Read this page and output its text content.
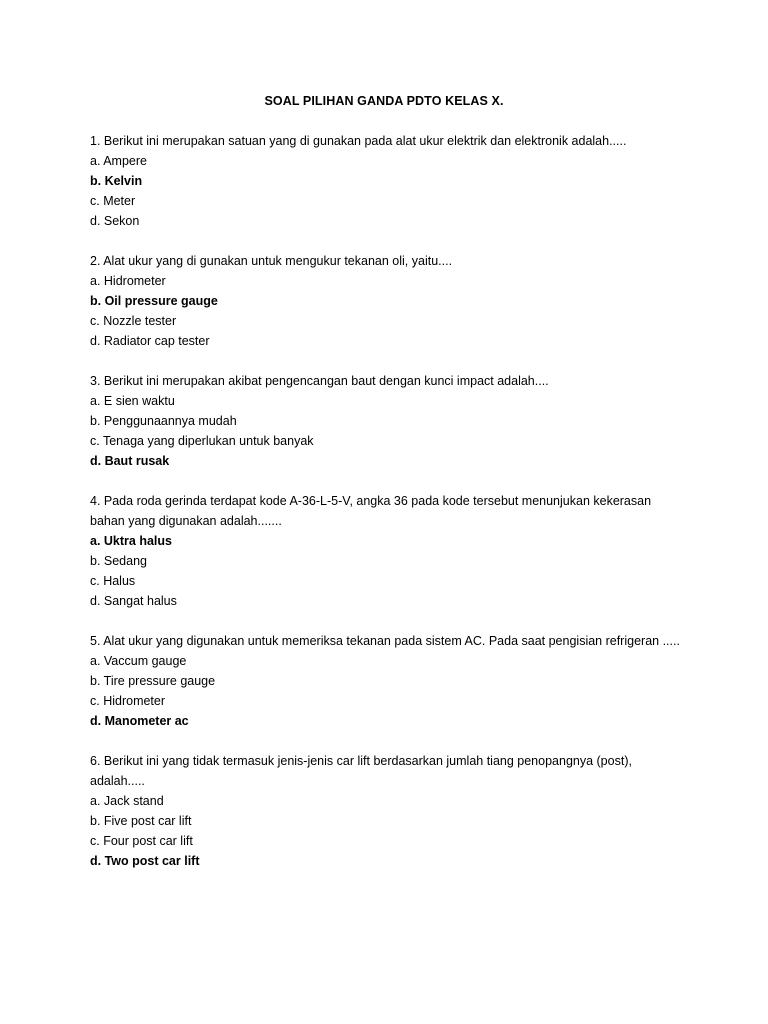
SOAL PILIHAN GANDA PDTO KELAS X.
1. Berikut ini merupakan satuan yang di gunakan pada alat ukur elektrik dan elektronik adalah.....
a. Ampere
b. Kelvin
c. Meter
d. Sekon
2. Alat ukur yang di gunakan untuk mengukur tekanan oli, yaitu....
a. Hidrometer
b. Oil pressure gauge
c. Nozzle tester
d. Radiator cap tester
3. Berikut ini merupakan akibat pengencangan baut dengan kunci impact adalah....
a. E sien waktu
b. Penggunaannya mudah
c. Tenaga yang diperlukan untuk banyak
d. Baut rusak
4. Pada roda gerinda terdapat kode A-36-L-5-V, angka 36 pada kode tersebut menunjukan kekerasan bahan yang digunakan adalah.......
a. Uktra halus
b. Sedang
c. Halus
d. Sangat halus
5. Alat ukur yang digunakan untuk memeriksa tekanan pada sistem AC. Pada saat pengisian refrigeran .....
a. Vaccum gauge
b. Tire pressure gauge
c. Hidrometer
d. Manometer ac
6. Berikut ini yang tidak termasuk jenis-jenis car lift berdasarkan jumlah tiang penopangnya (post), adalah.....
a. Jack stand
b. Five post car lift
c. Four post car lift
d. Two post car lift
